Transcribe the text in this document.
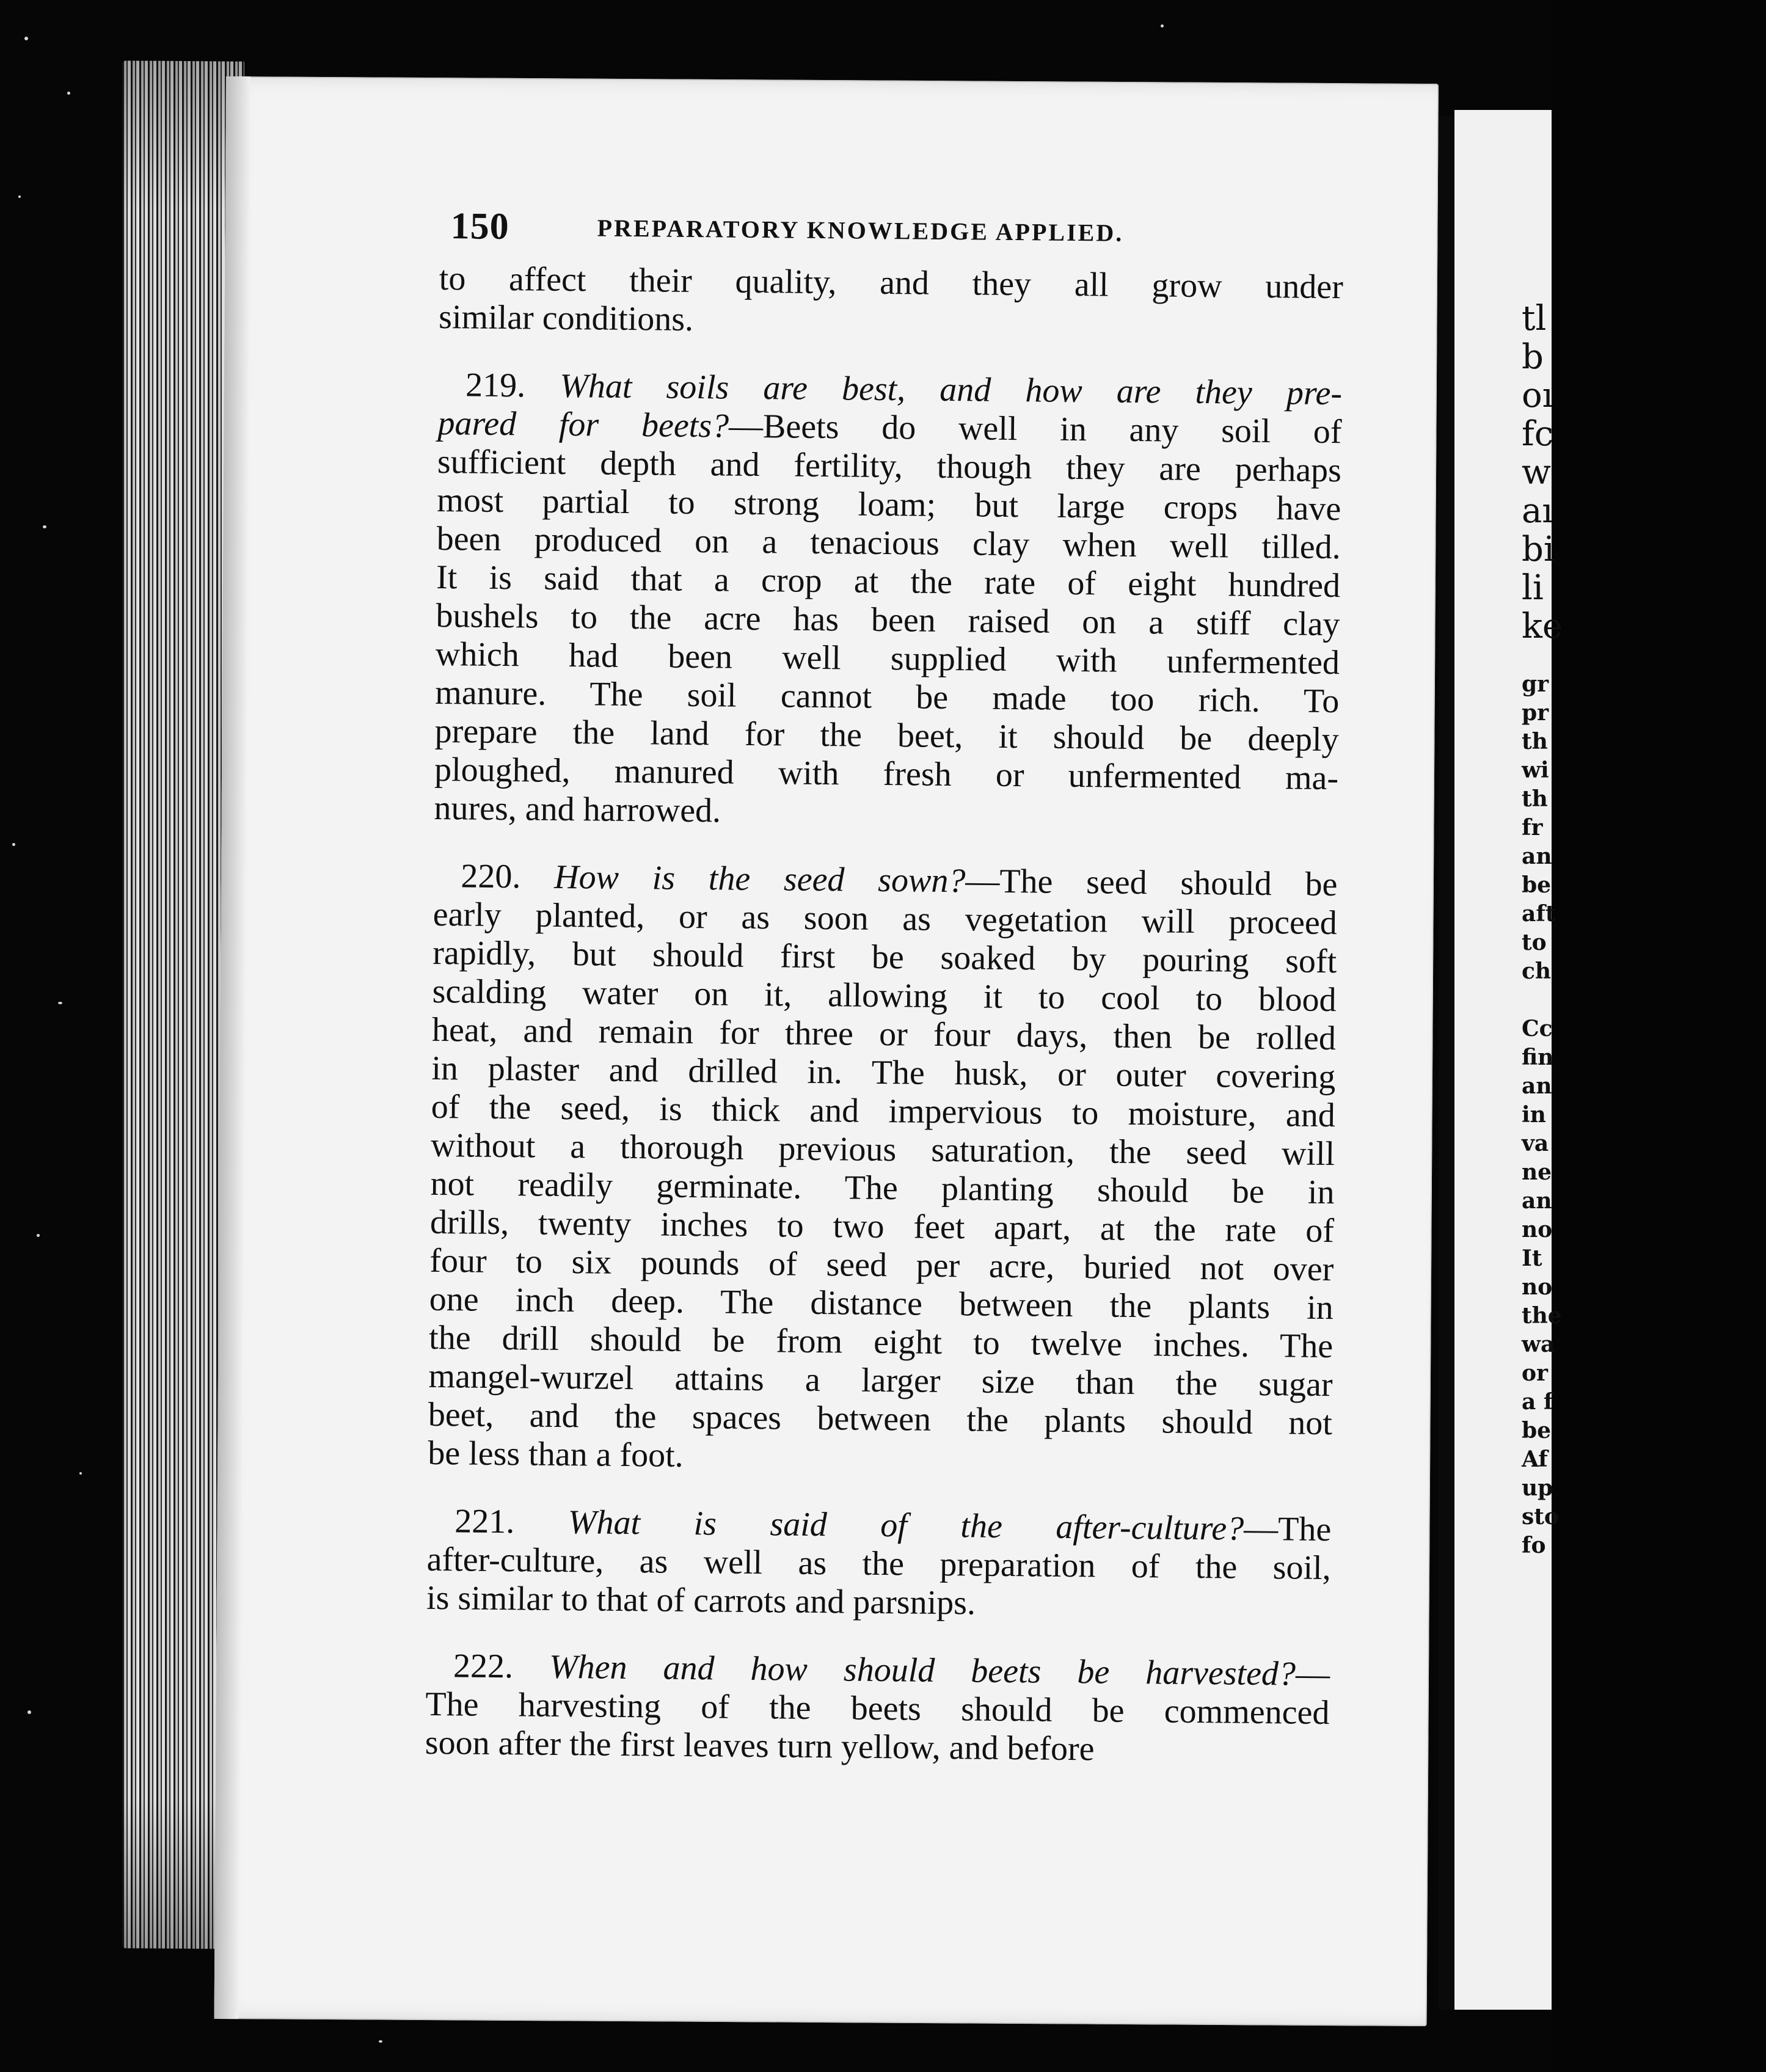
tl
b
oı
fc
w
aı
bi
li
ke
gr
pr
th
wi
th
fr
an
be
aft
to
ch

Cc
fin
an
in
va
ne
an
no
It
no
the
wa
or
a f
be
Af
up
sto
fo
150	PREPARATORY KNOWLEDGE APPLIED.
to affect their quality, and they all grow under
similar conditions.
219. What soils are best, and how are they pre-
pared for beets?—Beets do well in any soil of
sufficient depth and fertility, though they are perhaps
most partial to strong loam; but large crops have
been produced on a tenacious clay when well tilled.
It is said that a crop at the rate of eight hundred
bushels to the acre has been raised on a stiff clay
which had been well supplied with unfermented
manure. The soil cannot be made too rich. To
prepare the land for the beet, it should be deeply
ploughed, manured with fresh or unfermented ma-
nures, and harrowed.
220. How is the seed sown?—The seed should be
early planted, or as soon as vegetation will proceed
rapidly, but should first be soaked by pouring soft
scalding water on it, allowing it to cool to blood
heat, and remain for three or four days, then be rolled
in plaster and drilled in. The husk, or outer covering
of the seed, is thick and impervious to moisture, and
without a thorough previous saturation, the seed will
not readily germinate. The planting should be in
drills, twenty inches to two feet apart, at the rate of
four to six pounds of seed per acre, buried not over
one inch deep. The distance between the plants in
the drill should be from eight to twelve inches. The
mangel-wurzel attains a larger size than the sugar
beet, and the spaces between the plants should not
be less than a foot.
221. What is said of the after-culture?—The
after-culture, as well as the preparation of the soil,
is similar to that of carrots and parsnips.
222. When and how should beets be harvested?—
The harvesting of the beets should be commenced
soon after the first leaves turn yellow, and before
